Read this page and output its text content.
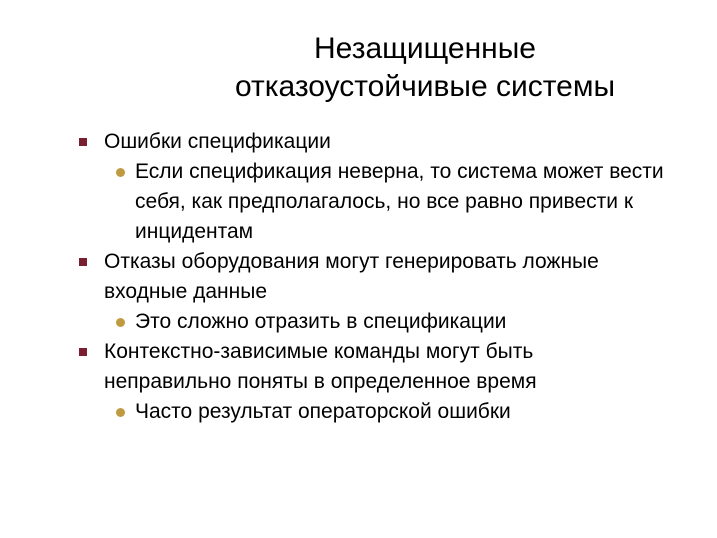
Незащищенные
отказоустойчивые системы
Ошибки спецификации
Если спецификация неверна, то система может вести себя, как предполагалось, но все равно привести к инцидентам
Отказы оборудования могут генерировать ложные входные данные
Это сложно отразить в спецификации
Контекстно-зависимые команды могут быть неправильно поняты в определенное время
Часто результат операторской ошибки
